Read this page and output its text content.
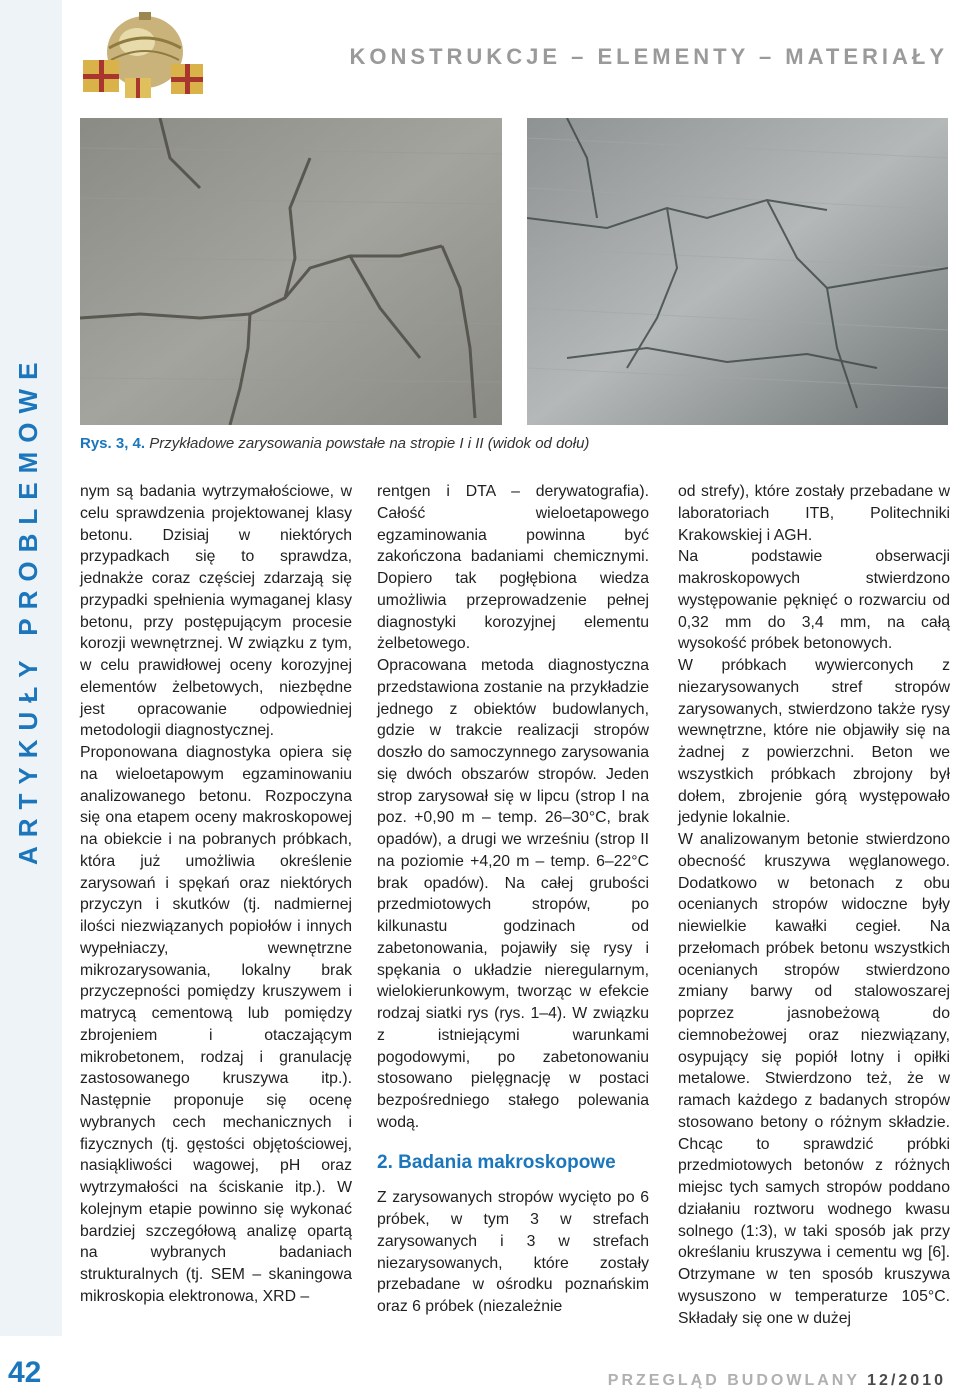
ARTYKUŁY PROBLEMOWE
42
KONSTRUKCJE – ELEMENTY – MATERIAŁY
Rys. 3, 4. Przykładowe zarysowania powstałe na stropie I i II (widok od dołu)

nym są badania wytrzymałościowe, w celu sprawdzenia projektowanej klasy betonu. Dzisiaj w niektórych przypadkach się to sprawdza, jednakże coraz częściej zdarzają się przypadki spełnienia wymaganej klasy betonu, przy postępującym procesie korozji wewnętrznej. W związku z tym, w celu prawidłowej oceny korozyjnej elementów żelbetowych, niezbędne jest opracowanie odpowiedniej metodologii diagnostycznej.

Proponowana diagnostyka opiera się na wieloetapowym egzaminowaniu analizowanego betonu. Rozpoczyna się ona etapem oceny makroskopowej na obiekcie i na pobranych próbkach, która już umożliwia określenie zarysowań i spękań oraz niektórych przyczyn i skutków (tj. nadmiernej ilości niezwiązanych popiołów i innych wypełniaczy, wewnętrzne mikrozarysowania, lokalny brak przyczepności pomiędzy kruszywem i matrycą cementową lub pomiędzy zbrojeniem i otaczającym mikrobetonem, rodzaj i granulację zastosowanego kruszywa itp.). Następnie proponuje się ocenę wybranych cech mechanicznych i fizycznych (tj. gęstości objętościowej, nasiąkliwości wagowej, pH oraz wytrzymałości na ściskanie itp.). W kolejnym etapie powinno się wykonać bardziej szczegółową analizę opartą na wybranych badaniach strukturalnych (tj. SEM – skaningowa mikroskopia elektronowa, XRD –

rentgen i DTA – derywatografia). Całość wieloetapowego egzaminowania powinna być zakończona badaniami chemicznymi. Dopiero tak pogłębiona wiedza umożliwia przeprowadzenie pełnej diagnostyki korozyjnej elementu żelbetowego.

Opracowana metoda diagnostyczna przedstawiona zostanie na przykładzie jednego z obiektów budowlanych, gdzie w trakcie realizacji stropów doszło do samoczynnego zarysowania się dwóch obszarów stropów. Jeden strop zarysował się w lipcu (strop I na poz. +0,90 m – temp. 26–30°C, brak opadów), a drugi we wrześniu (strop II na poziomie +4,20 m – temp. 6–22°C brak opadów). Na całej grubości przedmiotowych stropów, po kilkunastu godzinach od zabetonowania, pojawiły się rysy i spękania o układzie nieregularnym, wielokierunkowym, tworząc w efekcie rodzaj siatki rys (rys. 1–4). W związku z istniejącymi warunkami pogodowymi, po zabetonowaniu stosowano pielęgnację w postaci bezpośredniego stałego polewania wodą.

2. Badania makroskopowe

Z zarysowanych stropów wycięto po 6 próbek, w tym 3 w strefach zarysowanych i 3 w strefach niezarysowanych, które zostały przebadane w ośrodku poznańskim oraz 6 próbek (niezależnie

od strefy), które zostały przebadane w laboratoriach ITB, Politechniki Krakowskiej i AGH.

Na podstawie obserwacji makroskopowych stwierdzono występowanie pęknięć o rozwarciu od 0,32 mm do 3,4 mm, na całą wysokość próbek betonowych.

W próbkach wywierconych z niezarysowanych stref stropów zarysowanych, stwierdzono także rysy wewnętrzne, które nie objawiły się na żadnej z powierzchni. Beton we wszystkich próbkach zbrojony był dołem, zbrojenie górą występowało jedynie lokalnie.

W analizowanym betonie stwierdzono obecność kruszywa węglanowego. Dodatkowo w betonach z obu ocenianych stropów widoczne były niewielkie kawałki cegieł. Na przełomach próbek betonu wszystkich ocenianych stropów stwierdzono zmiany barwy od stalowoszarej poprzez jasnobeżową do ciemnobeżowej oraz niezwiązany, osypujący się popiół lotny i opiłki metalowe. Stwierdzono też, że w ramach każdego z badanych stropów stosowano betony o różnym składzie. Chcąc to sprawdzić próbki przedmiotowych betonów z różnych miejsc tych samych stropów poddano działaniu roztworu wodnego kwasu solnego (1:3), w taki sposób jak przy określaniu kruszywa i cementu wg [6]. Otrzymane w ten sposób kruszywa wysuszono w temperaturze 105°C. Składały się one w dużej

PRZEGLĄD BUDOWLANY 12/2010
